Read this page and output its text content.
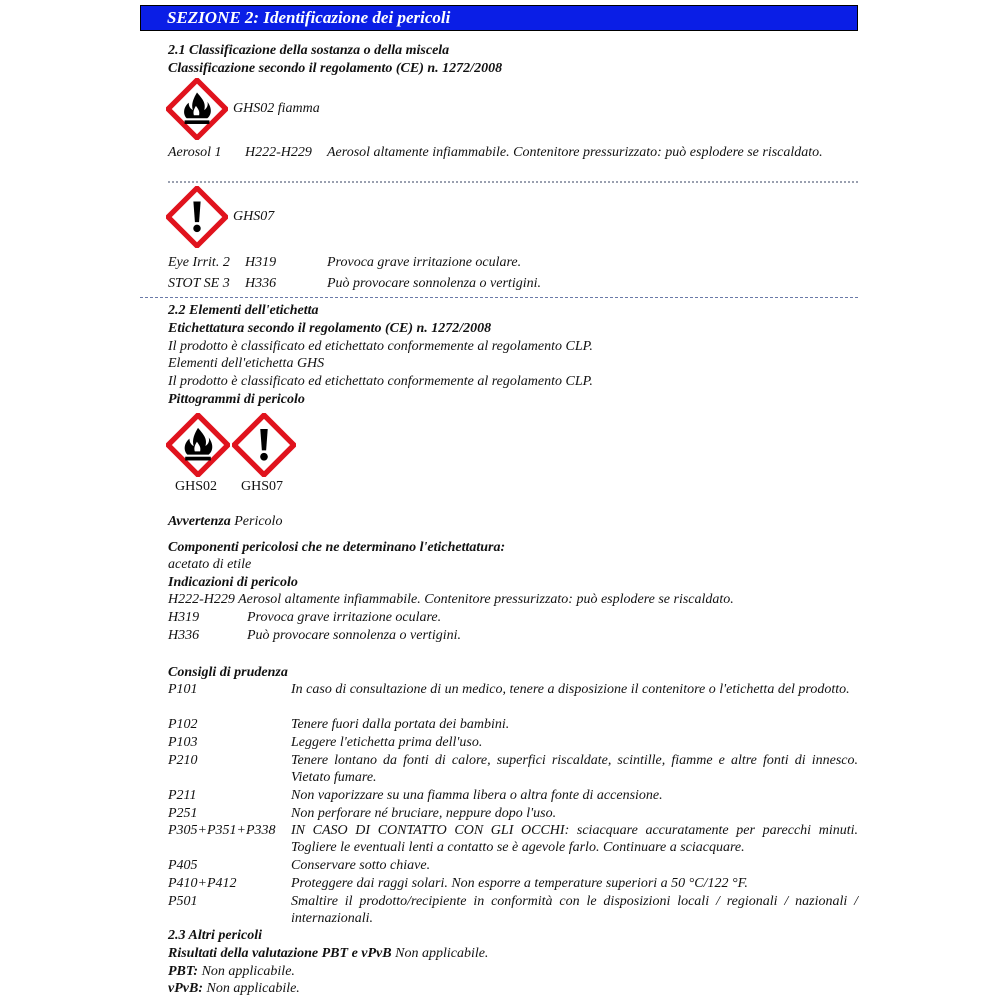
SEZIONE 2: Identificazione dei pericoli
2.1 Classificazione della sostanza o della miscela
Classificazione secondo il regolamento (CE) n. 1272/2008
GHS02 fiamma
Aerosol 1 H222-H229 Aerosol altamente infiammabile. Contenitore pressurizzato: può esplodere se riscaldato.
GHS07
Eye Irrit. 2 H319	Provoca grave irritazione oculare.
STOT SE 3 H336	Può provocare sonnolenza o vertigini.
2.2 Elementi dell'etichetta
Etichettatura secondo il regolamento (CE) n. 1272/2008
Il prodotto è classificato ed etichettato conformemente al regolamento CLP.
Elementi dell'etichetta GHS
Il prodotto è classificato ed etichettato conformemente al regolamento CLP.
Pittogrammi di pericolo
GHS02 GHS07
Avvertenza Pericolo
Componenti pericolosi che ne determinano l'etichettatura:
acetato di etile
Indicazioni di pericolo
H222-H229 Aerosol altamente infiammabile. Contenitore pressurizzato: può esplodere se riscaldato.
H319	Provoca grave irritazione oculare.
H336	Può provocare sonnolenza o vertigini.
Consigli di prudenza
P101	In caso di consultazione di un medico, tenere a disposizione il contenitore o l'etichetta del prodotto.
P102	Tenere fuori dalla portata dei bambini.
P103	Leggere l'etichetta prima dell'uso.
P210	Tenere lontano da fonti di calore, superfici riscaldate, scintille, fiamme e altre fonti di innesco. Vietato fumare.
P211	Non vaporizzare su una fiamma libera o altra fonte di accensione.
P251	Non perforare né bruciare, neppure dopo l'uso.
P305+P351+P338 IN CASO DI CONTATTO CON GLI OCCHI: sciacquare accuratamente per parecchi minuti. Togliere le eventuali lenti a contatto se è agevole farlo. Continuare a sciacquare.
P405	Conservare sotto chiave.
P410+P412	Proteggere dai raggi solari. Non esporre a temperature superiori a 50 °C/122 °F.
P501	Smaltire il prodotto/recipiente in conformità con le disposizioni locali / regionali / nazionali / internazionali.
2.3 Altri pericoli
Risultati della valutazione PBT e vPvB Non applicabile.
PBT: Non applicabile.
vPvB: Non applicabile.
